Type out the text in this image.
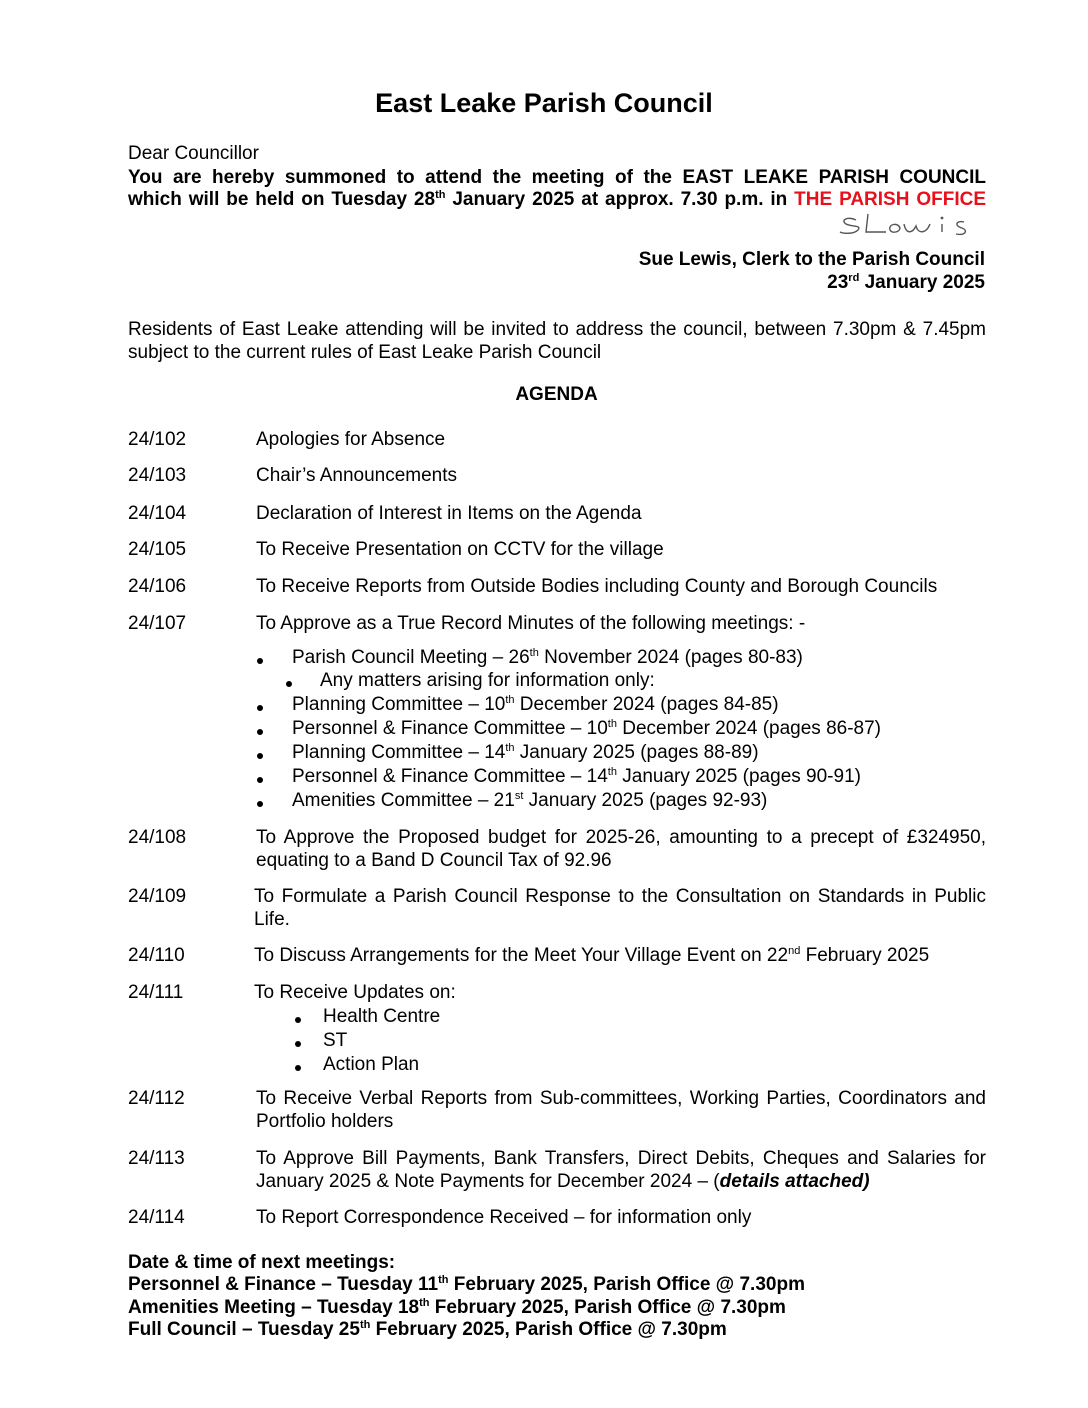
East Leake Parish Council
Dear Councillor
You are hereby summoned to attend the meeting of the EAST LEAKE PARISH COUNCIL
which will be held on Tuesday 28th January 2025 at approx. 7.30 p.m. in THE PARISH OFFICE
Sue Lewis, Clerk to the Parish Council
23rd January 2025
Residents of East Leake attending will be invited to address the council, between 7.30pm & 7.45pm
subject to the current rules of East Leake Parish Council
AGENDA
24/102	Apologies for Absence
24/103	Chair’s Announcements
24/104	Declaration of Interest in Items on the Agenda
24/105	To Receive Presentation on CCTV for the village
24/106	To Receive Reports from Outside Bodies including County and Borough Councils
24/107	To Approve as a True Record Minutes of the following meetings: -
Parish Council Meeting – 26th November 2024 (pages 80-83)
Any matters arising for information only:
Planning Committee – 10th December 2024 (pages 84-85)
Personnel & Finance Committee – 10th December 2024 (pages 86-87)
Planning Committee – 14th January 2025 (pages 88-89)
Personnel & Finance Committee – 14th January 2025 (pages 90-91)
Amenities Committee – 21st January 2025 (pages 92-93)
24/108	To Approve the Proposed budget for 2025-26, amounting to a precept of £324950,
equating to a Band D Council Tax of 92.96
24/109	To Formulate a Parish Council Response to the Consultation on Standards in Public
Life.
24/110	To Discuss Arrangements for the Meet Your Village Event on 22nd February 2025
24/111	To Receive Updates on:
Health Centre
ST
Action Plan
24/112	To Receive Verbal Reports from Sub-committees, Working Parties, Coordinators and
Portfolio holders
24/113	To Approve Bill Payments, Bank Transfers, Direct Debits, Cheques and Salaries for
January 2025 & Note Payments for December 2024 – (details attached)
24/114	To Report Correspondence Received – for information only
Date & time of next meetings:
Personnel & Finance – Tuesday 11th February 2025, Parish Office @ 7.30pm
Amenities Meeting – Tuesday 18th February 2025, Parish Office @ 7.30pm
Full Council – Tuesday 25th February 2025, Parish Office @ 7.30pm
